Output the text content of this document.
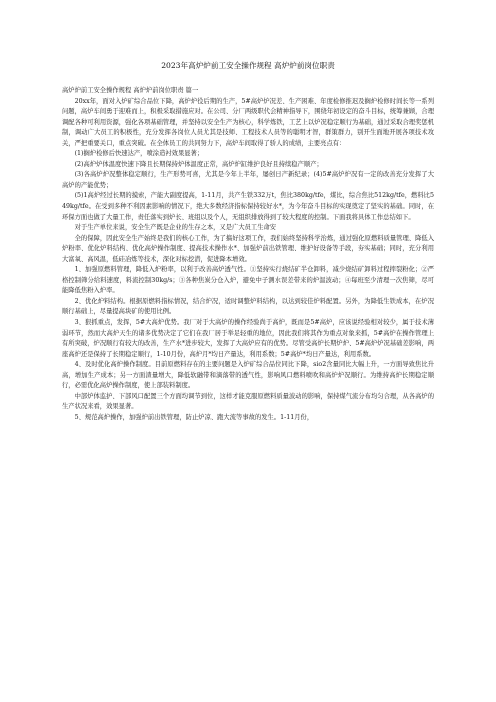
2023年高炉炉前工安全操作规程 高炉炉前岗位职责

高炉炉前工安全操作规程 高炉炉前岗位职责 篇一

20xx年，面对入炉矿综合品位下降，高炉炉役后期的生产，5#高炉炉况差、生产困难、年度检修推迟及搁炉检修时间长等一系列问题，高炉车间勇于迎难而上，积极采取措施应对。在公司、分厂两级职代会精神指导下，围绕年初设定的奋斗目标，统筹兼顾，合理调配各种可利用资源，强化各项基础管理，并坚持以安全生产为核心，科学炼铁，工艺上以炉况稳定顺行为基础，通过采取合理奖惩机制，调动广大员工的积极性，充分发挥各岗位人员尤其是技师、工程技术人员等的聪明才智，群策群力，别开生面地开展各项技术攻关，严把重要关口，重点突破。在全体员工的共同努力下，高炉车间取得了骄人的成绩，主要亮点有：

(1)搁炉检修后快速达产，喷涂造衬效果显著；

(2)高炉炉体温度快速下降且长期保持炉体温度正常，高炉炉缸维护良好且持续稳产顺产；

(3)各高炉炉况整体稳定顺行，生产形势可喜，尤其是今年上半年，屡创日产新纪录；(4)5#高炉炉况有一定的改善充分发挥了大高炉的产能优势；

(5)1高炉经过长期的摸索，产能大副度提高，1-11月，共产生铁332万t，焦比380kg/tfe，煤比，综合焦比512kg/tfe，燃料比549kg/tfe。在受到多种不利因素影响的情况下，绝大多数经济指标保持较好水*，为今年奋斗目标的实现奠定了坚实的基础。同时，在环保方面也做了大量工作，责任落实到炉长、班组以及个人，无组织排放得到了较大程度的控制。下面我将具体工作总结如下。

对于生产单位来说，安全生产既是企业的生存之本，又是广大员工生命安

全的保障，因此安全生产始终是我们的核心工作，为了搞好这项工作，我们始终坚持科学治炼，通过强化原燃料质量管理、降低入炉粉率、优化炉料结构、优化高炉操作制度、提高技术操作水*、加强炉前出铁管理、维护好设备等手段，夯实基础；同时，充分利用大富氧、高风温，低硅冶炼等技术，深化对标挖潜，促进降本增效。

1、加强原燃料管理，降低入炉粉率，以利于改善高炉透气性。①坚持实行烧结矿半仓卸料，减少烧结矿卸料过程摔裂粉化；②严格控制筛分给料速度，料流控制30kg/s；③各种焦炭分仓入炉，避免中子测水误差带来的炉温波动；④每班至少清理一次焦筛，尽可能降低焦粉入炉率。

2、优化炉料结构。根据原燃料指标情况，结合炉况，适时调整炉料结构，以达到较佳炉料配置。另外，为降低生铁成本，在炉况顺行基础上，尽量提高块矿的使用比例。

3、狠抓重点，发挥，5#大高炉优势。我厂对于大高炉的操作经验尚于高炉，既而是5#高炉，应该说经验相对较少，属于技术薄弱环节，然而大高炉天生的诸多优势决定了它们在我厂居于举足轻重的地位，因此我们将其作为重点对象来抓，5#高炉在操作管理上有所突破，炉况顺行有较大的改善，生产水*进步较大，发挥了大高炉应有的优势。尽管受高炉长期炉炉、5#高炉炉况基础差影响，两座高炉还是保持了长期稳定顺行，1-10月份，高炉月*均日产量达，利用系数；5#高炉*均日产量达，利用系数。

4、及时优化高炉操作制度。目前原燃料存在的主要问题是入炉矿综合品位同比下降，sio2含量同比大幅上升，一方面导致焦比升高，增加生产成本；另一方面渣量增大，降低软融带和滴落带的透气性，影响风口燃料喷吹和高炉炉况顺行。为维持高炉长期稳定顺行，必需优化高炉操作制度，使上部装料制度。

中部炉体监护、下部风口配置三个方面均调节到位，这样才能克服原燃料质量波动的影响，保持煤气流分布均匀合理，从各高炉的生产状况来看，效果显著。

5、规范高炉操作，加强炉前出铁管理，防止炉凉、跑大流等事故的发生。1-11月份，
